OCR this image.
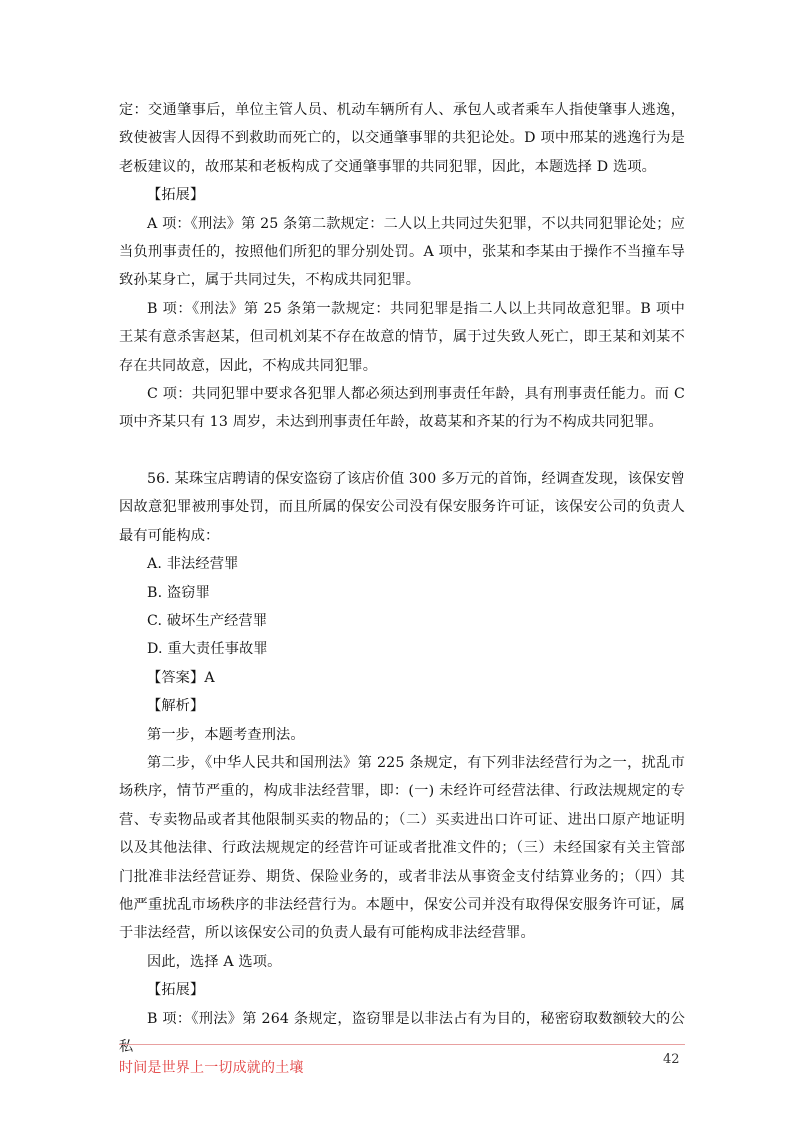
定：交通肇事后，单位主管人员、机动车辆所有人、承包人或者乘车人指使肇事人逃逸，致使被害人因得不到救助而死亡的，以交通肇事罪的共犯论处。D 项中邢某的逃逸行为是老板建议的，故邢某和老板构成了交通肇事罪的共同犯罪，因此，本题选择 D 选项。

【拓展】

A 项：《刑法》第 25 条第二款规定：二人以上共同过失犯罪，不以共同犯罪论处；应当负刑事责任的，按照他们所犯的罪分别处罚。A 项中，张某和李某由于操作不当撞车导致孙某身亡，属于共同过失，不构成共同犯罪。

B 项：《刑法》第 25 条第一款规定：共同犯罪是指二人以上共同故意犯罪。B 项中王某有意杀害赵某，但司机刘某不存在故意的情节，属于过失致人死亡，即王某和刘某不存在共同故意，因此，不构成共同犯罪。

C 项：共同犯罪中要求各犯罪人都必须达到刑事责任年龄，具有刑事责任能力。而 C 项中齐某只有 13 周岁，未达到刑事责任年龄，故葛某和齐某的行为不构成共同犯罪。

56. 某珠宝店聘请的保安盗窃了该店价值 300 多万元的首饰，经调查发现，该保安曾因故意犯罪被刑事处罚，而且所属的保安公司没有保安服务许可证，该保安公司的负责人最有可能构成：

A. 非法经营罪

B. 盗窃罪

C. 破坏生产经营罪

D. 重大责任事故罪

【答案】A

【解析】

第一步，本题考查刑法。

第二步，《中华人民共和国刑法》第 225 条规定，有下列非法经营行为之一，扰乱市场秩序，情节严重的，构成非法经营罪，即：(一) 未经许可经营法律、行政法规规定的专营、专卖物品或者其他限制买卖的物品的；（二）买卖进出口许可证、进出口原产地证明以及其他法律、行政法规规定的经营许可证或者批准文件的；（三）未经国家有关主管部门批准非法经营证券、期货、保险业务的，或者非法从事资金支付结算业务的；（四）其他严重扰乱市场秩序的非法经营行为。本题中，保安公司并没有取得保安服务许可证，属于非法经营，所以该保安公司的负责人最有可能构成非法经营罪。

因此，选择 A 选项。

【拓展】

B 项：《刑法》第 264 条规定，盗窃罪是以非法占有为目的，秘密窃取数额较大的公私

时间是世界上一切成就的土壤
42
